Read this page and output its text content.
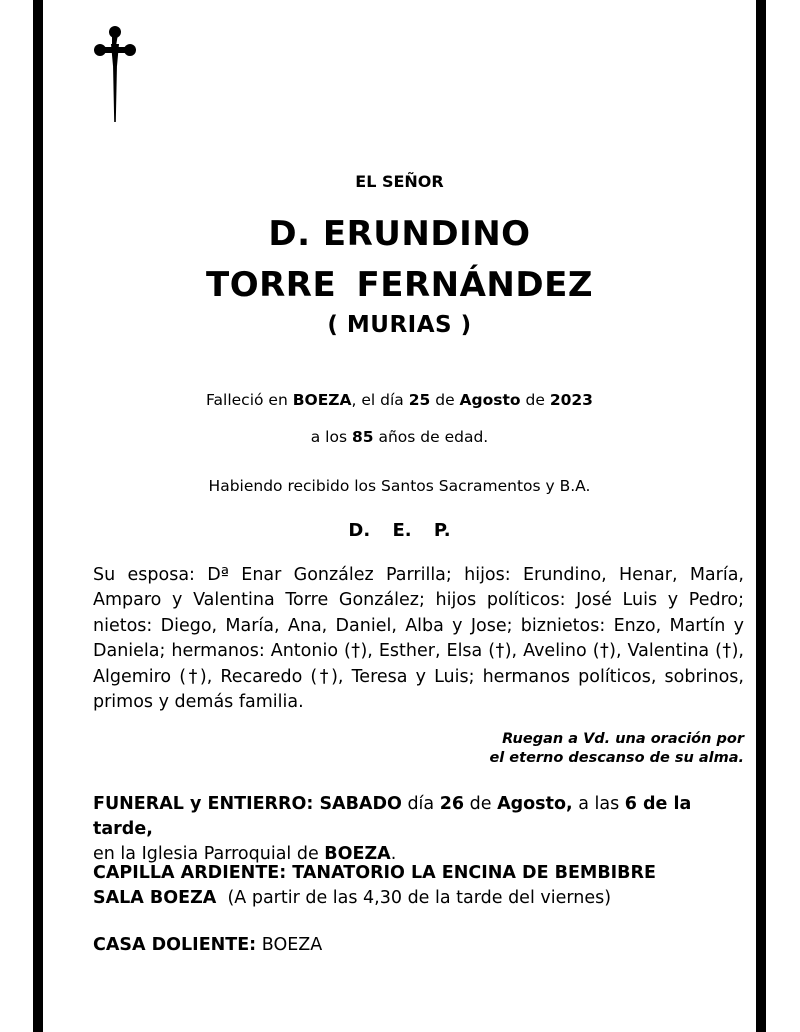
EL SEÑOR

D. ERUNDINO

TORRE FERNÁNDEZ

( MURIAS )

Falleció en BOEZA, el día 25 de Agosto de 2023

a los 85 años de edad.

Habiendo recibido los Santos Sacramentos y B.A.

D. E. P.

Su esposa: Dª Enar González Parrilla; hijos: Erundino, Henar, María, Amparo y Valentina Torre González; hijos políticos: José Luis y Pedro; nietos: Diego, María, Ana, Daniel, Alba y Jose; biznietos: Enzo, Martín y Daniela; hermanos: Antonio (†), Esther, Elsa (†), Avelino (†), Valentina (†), Algemiro (†), Recaredo (†), Teresa y Luis; hermanos políticos, sobrinos, primos y demás familia.

Ruegan a Vd. una oración por
el eterno descanso de su alma.
FUNERAL y ENTIERRO: SABADO día 26 de Agosto, a las 6 de la tarde,
en la Iglesia Parroquial de BOEZA.
CAPILLA ARDIENTE: TANATORIO LA ENCINA DE BEMBIBRE
SALA BOEZA  (A partir de las 4,30 de la tarde del viernes)
CASA DOLIENTE: BOEZA
